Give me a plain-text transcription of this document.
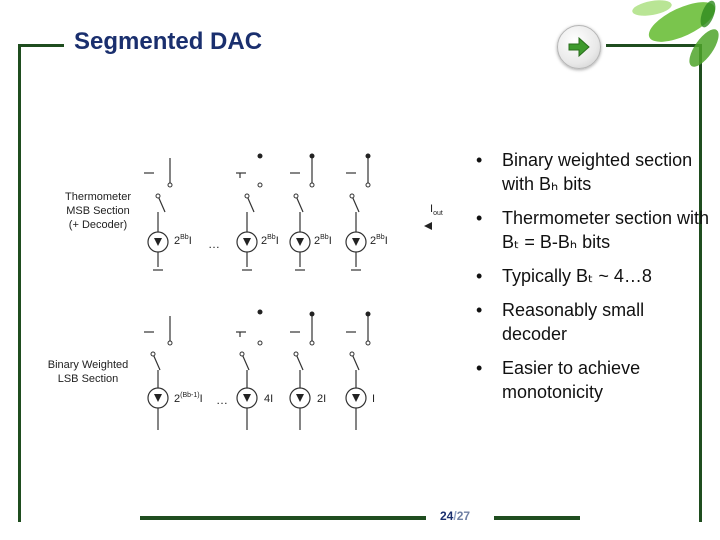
Segmented DAC
Thermometer
MSB Section
(+ Decoder)
Binary Weighted
LSB Section
$2^{Bb}I$ …	$2^{Bb}I$	$2^{Bb}I$	$2^{Bb}I$
$I_{out}$
$2^{(Bb-1)}I$ …	4I	2I	I
• Binary weighted section with Bₕ bits
• Thermometer section with Bₜ = B-Bₕ bits
• Typically Bₜ ~ 4…8
• Reasonably small decoder
• Easier to achieve monotonicity
24/27
